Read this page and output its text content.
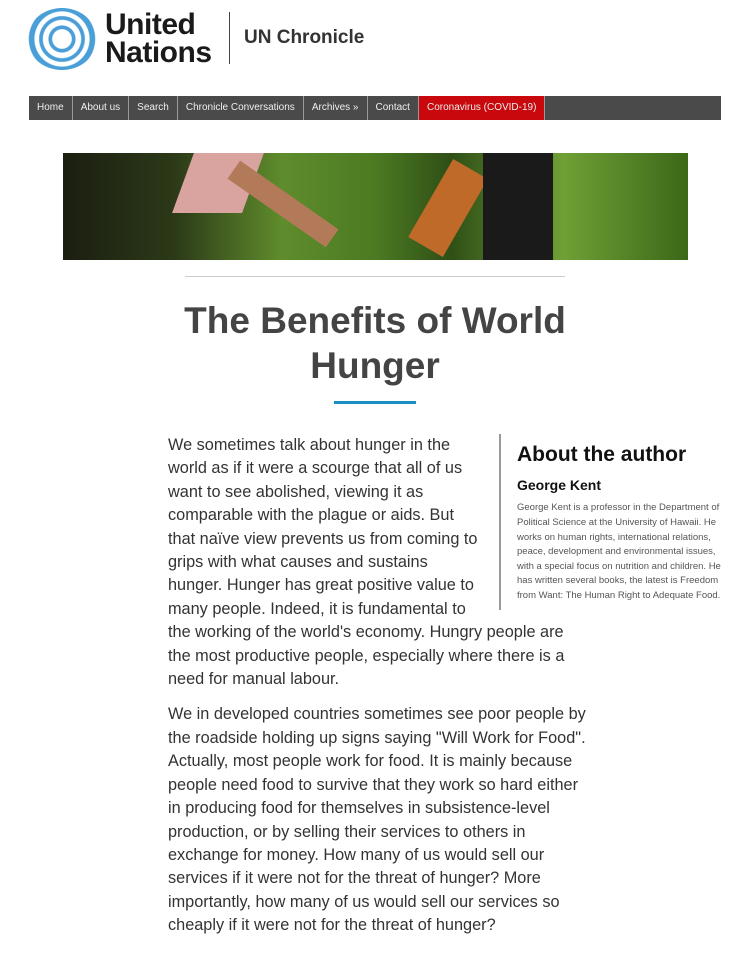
United
Nations UN Chronicle
Home	About us	Search	Chronicle Conversations	Archives »	Contact	Coronavirus (COVID-19)
The Benefits of World Hunger
About the author
George Kent
George Kent is a professor in the Department of Political Science at the University of Hawaii. He works on human rights, international relations, peace, development and environmental issues, with a special focus on nutrition and children. He has written several books, the latest is Freedom from Want: The Human Right to Adequate Food.

We sometimes talk about hunger in the world as if it were a scourge that all of us want to see abolished, viewing it as comparable with the plague or aids. But that naïve view prevents us from coming to grips with what causes and sustains hunger. Hunger has great positive value to many people. Indeed, it is fundamental to the working of the world's economy. Hungry people are the most productive people, especially where there is a need for manual labour.

We in developed countries sometimes see poor people by the roadside holding up signs saying "Will Work for Food". Actually, most people work for food. It is mainly because people need food to survive that they work so hard either in producing food for themselves in subsistence-level production, or by selling their services to others in exchange for money. How many of us would sell our services if it were not for the threat of hunger? More importantly, how many of us would sell our services so cheaply if it were not for the threat of hunger?
